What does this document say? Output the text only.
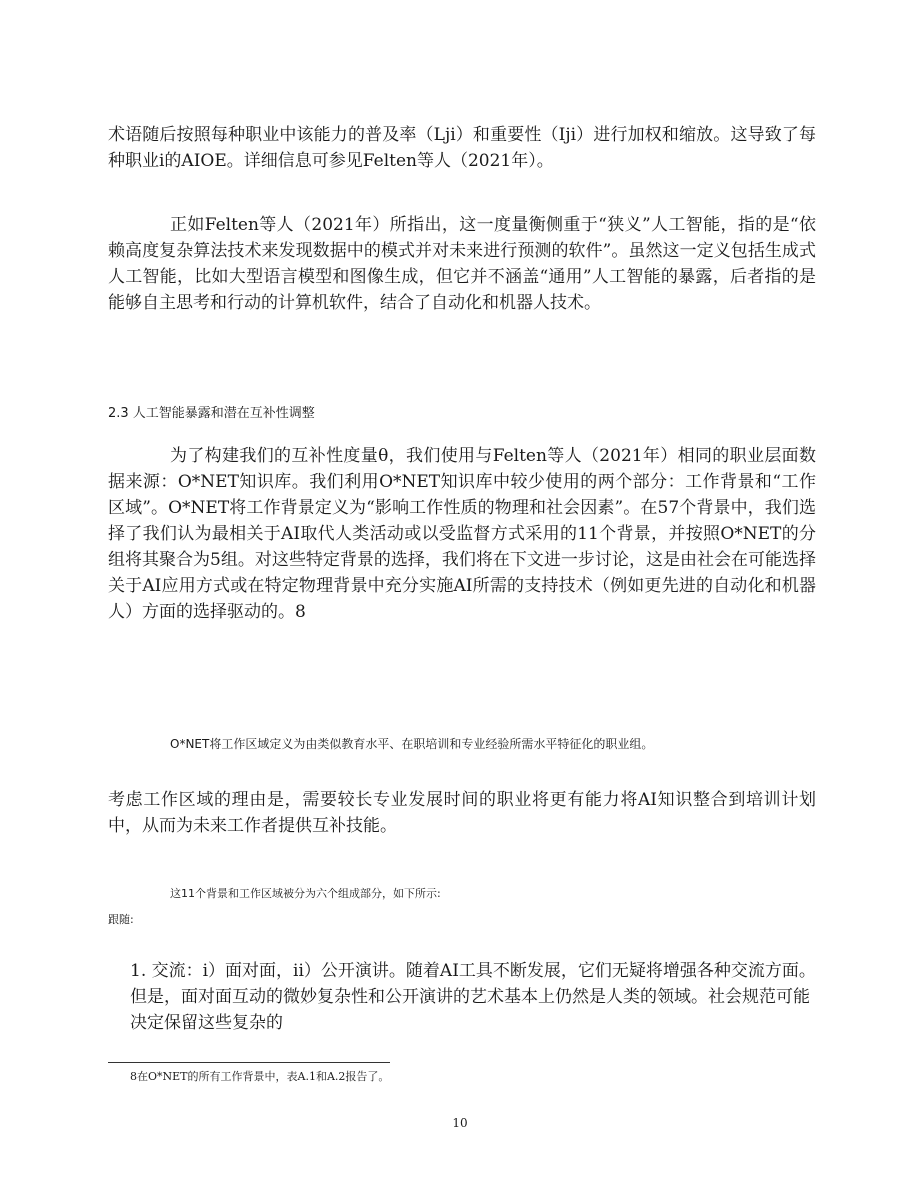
术语随后按照每种职业中该能力的普及率（Lji）和重要性（Iji）进行加权和缩放。这导致了每种职业i的AIOE。详细信息可参见Felten等人（2021年）。

正如Felten等人（2021年）所指出，这一度量衡侧重于“狭义”人工智能，指的是“依赖高度复杂算法技术来发现数据中的模式并对未来进行预测的软件”。虽然这一定义包括生成式人工智能，比如大型语言模型和图像生成，但它并不涵盖“通用”人工智能的暴露，后者指的是能够自主思考和行动的计算机软件，结合了自动化和机器人技术。

2.3 人工智能暴露和潜在互补性调整

为了构建我们的互补性度量θ，我们使用与Felten等人（2021年）相同的职业层面数据来源：O*NET知识库。我们利用O*NET知识库中较少使用的两个部分：工作背景和“工作区域”。O*NET将工作背景定义为“影响工作性质的物理和社会因素”。在57个背景中，我们选择了我们认为最相关于AI取代人类活动或以受监督方式采用的11个背景，并按照O*NET的分组将其聚合为5组。对这些特定背景的选择，我们将在下文进一步讨论，这是由社会在可能选择关于AI应用方式或在特定物理背景中充分实施AI所需的支持技术（例如更先进的自动化和机器人）方面的选择驱动的。8

O*NET将工作区域定义为由类似教育水平、在职培训和专业经验所需水平特征化的职业组。

考虑工作区域的理由是，需要较长专业发展时间的职业将更有能力将AI知识整合到培训计划中，从而为未来工作者提供互补技能。

这11个背景和工作区域被分为六个组成部分，如下所示:

跟随:

1. 交流：i）面对面，ii）公开演讲。随着AI工具不断发展，它们无疑将增强各种交流方面。但是，面对面互动的微妙复杂性和公开演讲的艺术基本上仍然是人类的领域。社会规范可能决定保留这些复杂的

8在O*NET的所有工作背景中，表A.1和A.2报告了。

10
